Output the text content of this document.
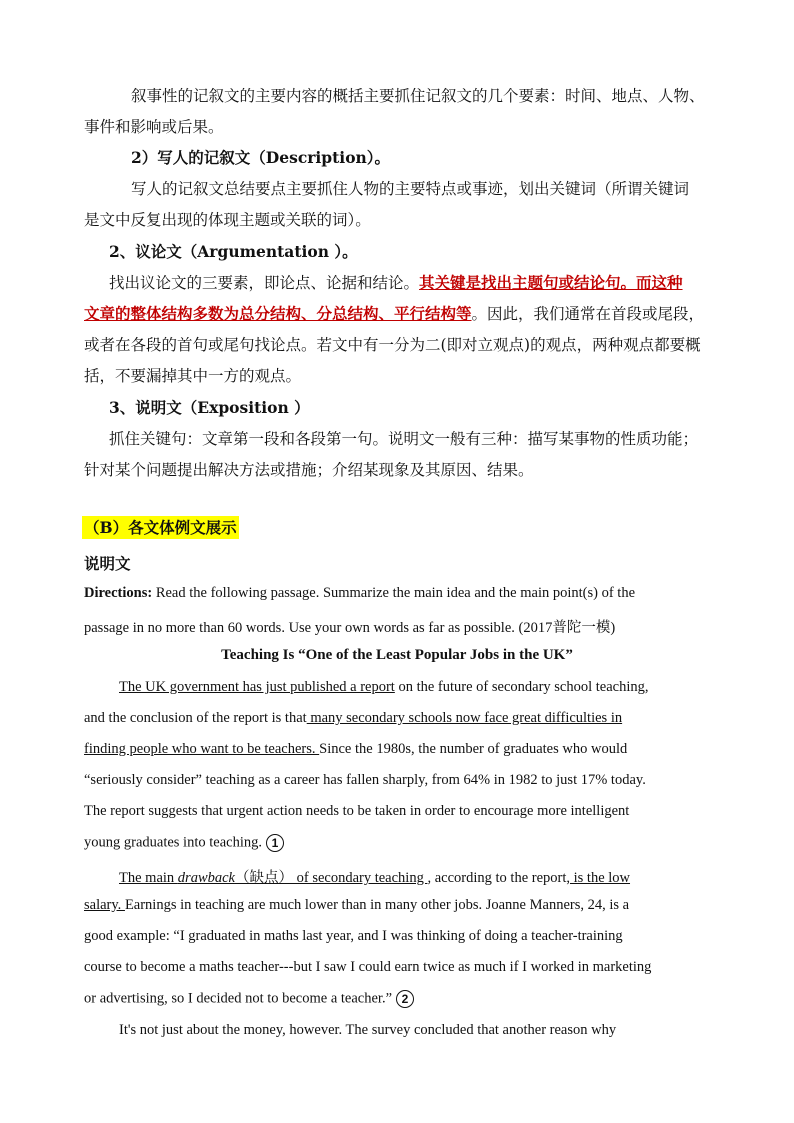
叙事性的记叙文的主要内容的概括主要抓住记叙文的几个要素：时间、地点、人物、
事件和影响或后果。
2）写人的记叙文（Description）。
写人的记叙文总结要点主要抓住人物的主要特点或事迹，划出关键词（所谓关键词
是文中反复出现的体现主题或关联的词）。
2、议论文（Argumentation ）。
找出议论文的三要素，即论点、论据和结论。其关键是找出主题句或结论句。而这种
文章的整体结构多数为总分结构、分总结构、平行结构等。因此，我们通常在首段或尾段，
或者在各段的首句或尾句找论点。若文中有一分为二(即对立观点)的观点，两种观点都要概
括，不要漏掉其中一方的观点。
3、说明文（Exposition ）
抓住关键句：文章第一段和各段第一句。说明文一般有三种：描写某事物的性质功能；
针对某个问题提出解决方法或措施；介绍某现象及其原因、结果。
（B）各文体例文展示
说明文
Directions: Read the following passage. Summarize the main idea and the main point(s) of the
passage in no more than 60 words. Use your own words as far as possible. (2017普陀一模)
Teaching Is “One of the Least Popular Jobs in the UK”
The UK government has just published a report on the future of secondary school teaching,
and the conclusion of the report is that many secondary schools now face great difficulties in
finding people who want to be teachers. Since the 1980s, the number of graduates who would
“seriously consider” teaching as a career has fallen sharply, from 64% in 1982 to just 17% today.
The report suggests that urgent action needs to be taken in order to encourage more intelligent
young graduates into teaching. 1
The main drawback（缺点） of secondary teaching , according to the report, is the low
salary. Earnings in teaching are much lower than in many other jobs. Joanne Manners, 24, is a
good example: “I graduated in maths last year, and I was thinking of doing a teacher-training
course to become a maths teacher---but I saw I could earn twice as much if I worked in marketing
or advertising, so I decided not to become a teacher.” 2
It's not just about the money, however. The survey concluded that another reason why
